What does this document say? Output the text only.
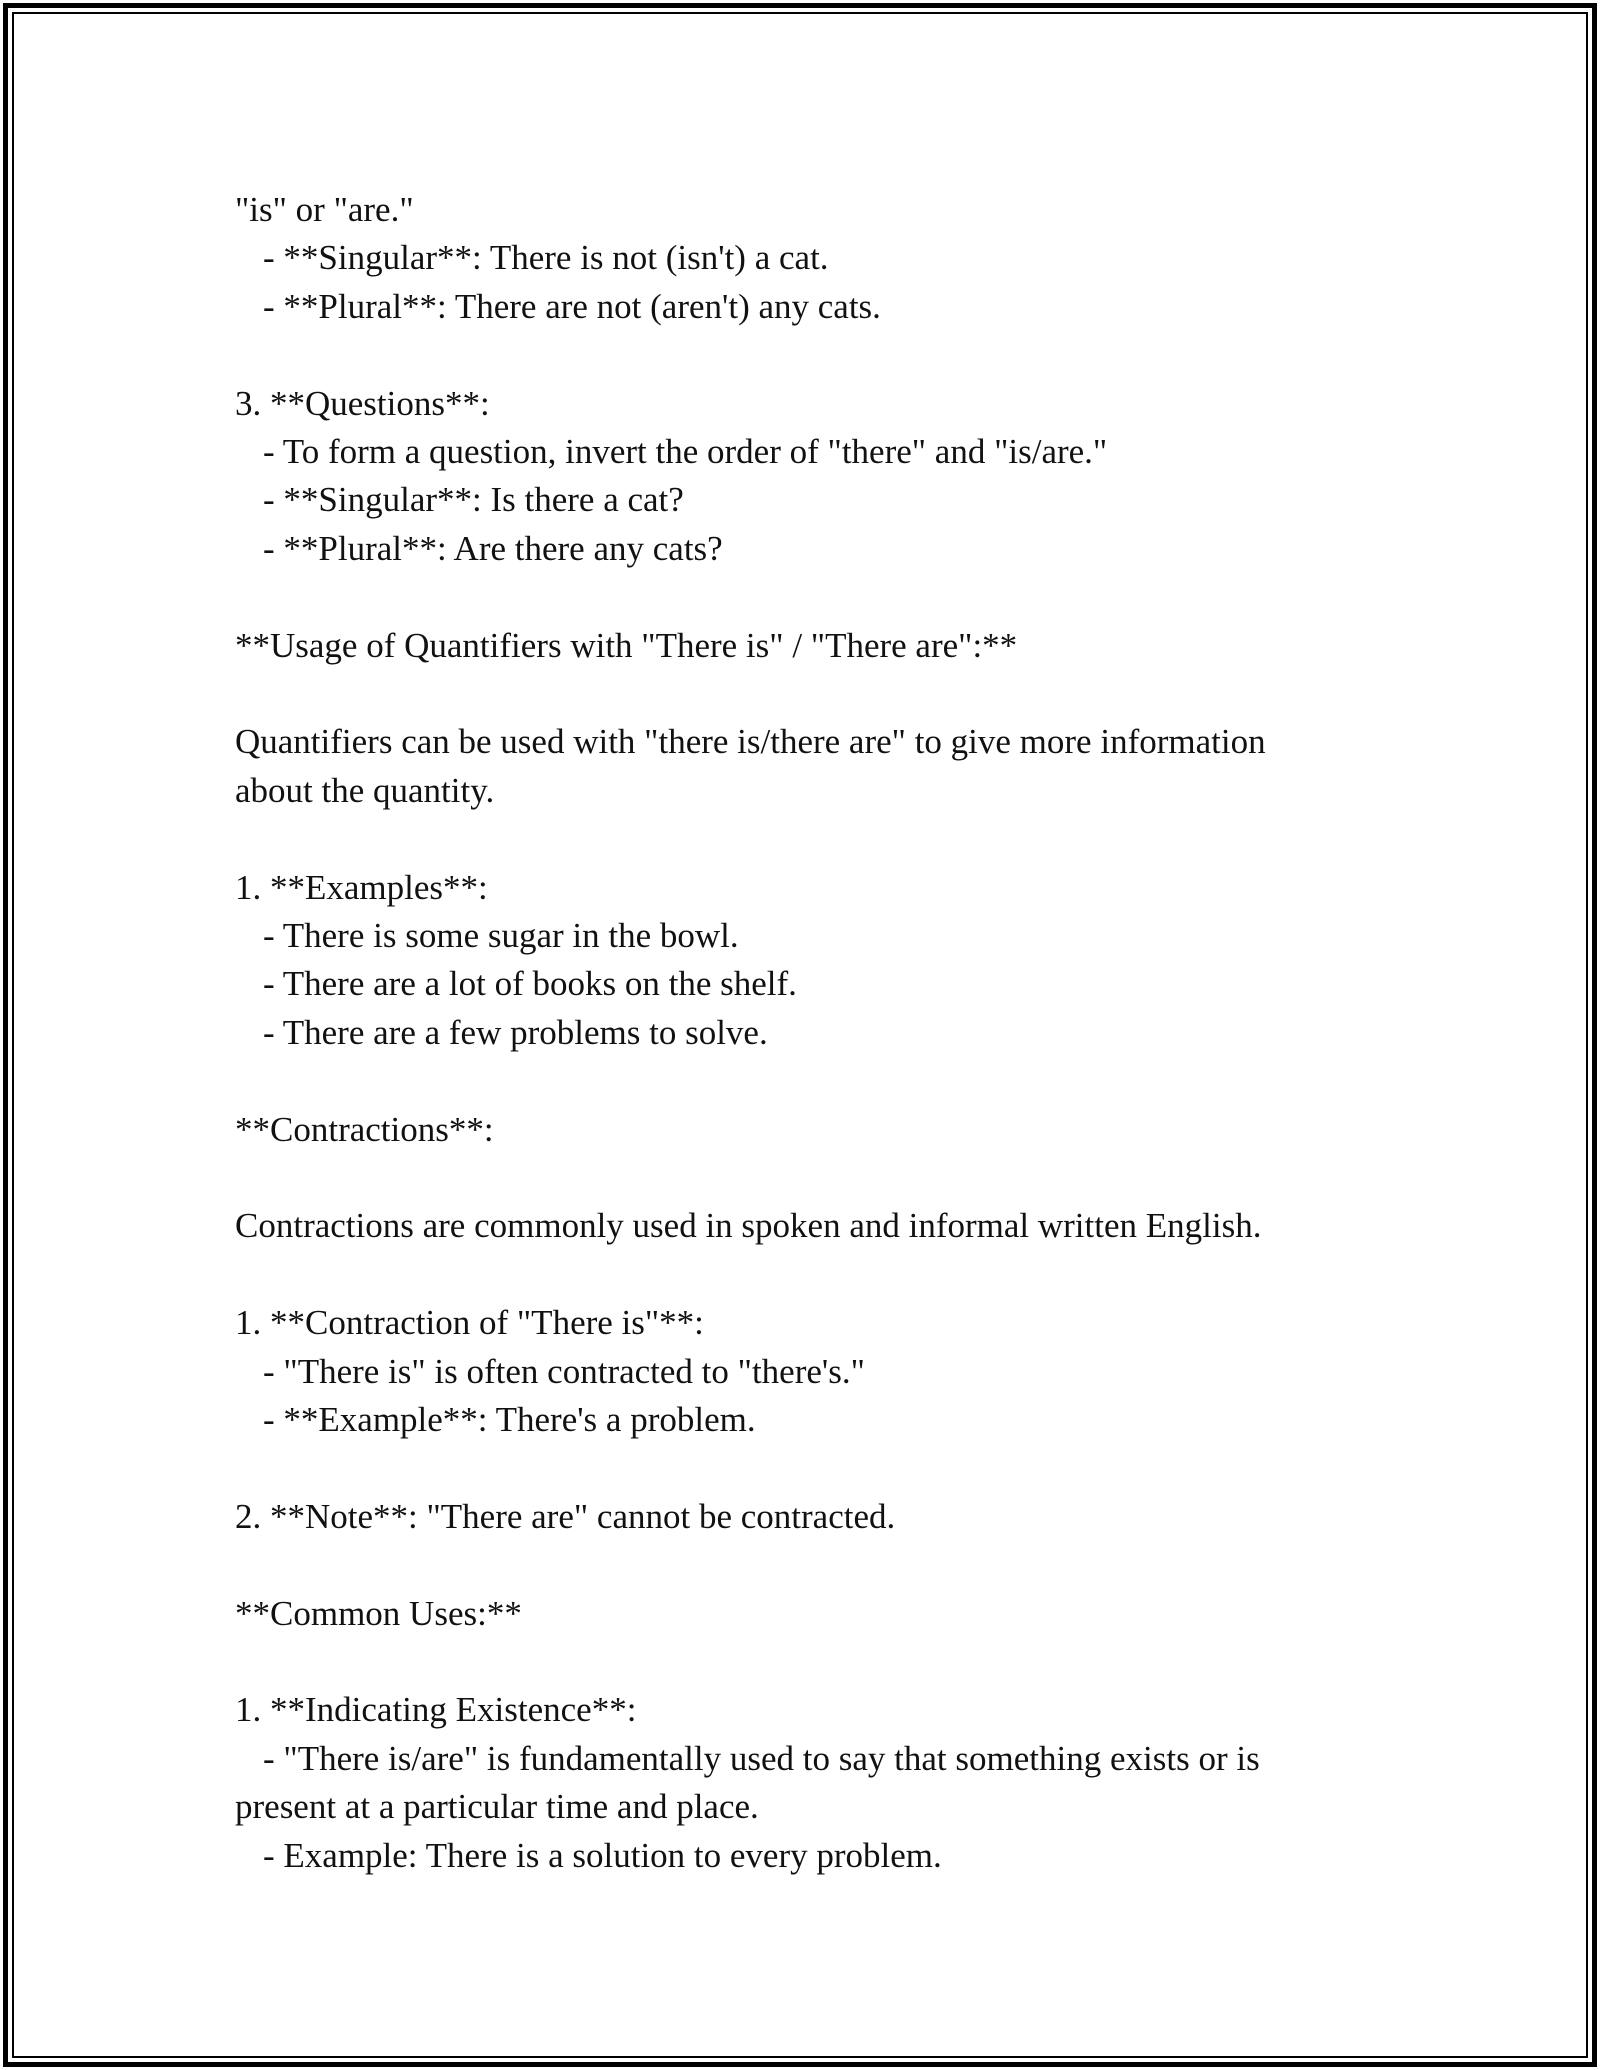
"is" or "are."
- **Singular**: There is not (isn't) a cat.
- **Plural**: There are not (aren't) any cats.
3. **Questions**:
- To form a question, invert the order of "there" and "is/are."
- **Singular**: Is there a cat?
- **Plural**: Are there any cats?
**Usage of Quantifiers with "There is" / "There are":**
Quantifiers can be used with "there is/there are" to give more information
about the quantity.
1. **Examples**:
- There is some sugar in the bowl.
- There are a lot of books on the shelf.
- There are a few problems to solve.
**Contractions**:
Contractions are commonly used in spoken and informal written English.
1. **Contraction of "There is"**:
- "There is" is often contracted to "there's."
- **Example**: There's a problem.
2. **Note**: "There are" cannot be contracted.
**Common Uses:**
1. **Indicating Existence**:
- "There is/are" is fundamentally used to say that something exists or is
present at a particular time and place.
- Example: There is a solution to every problem.
